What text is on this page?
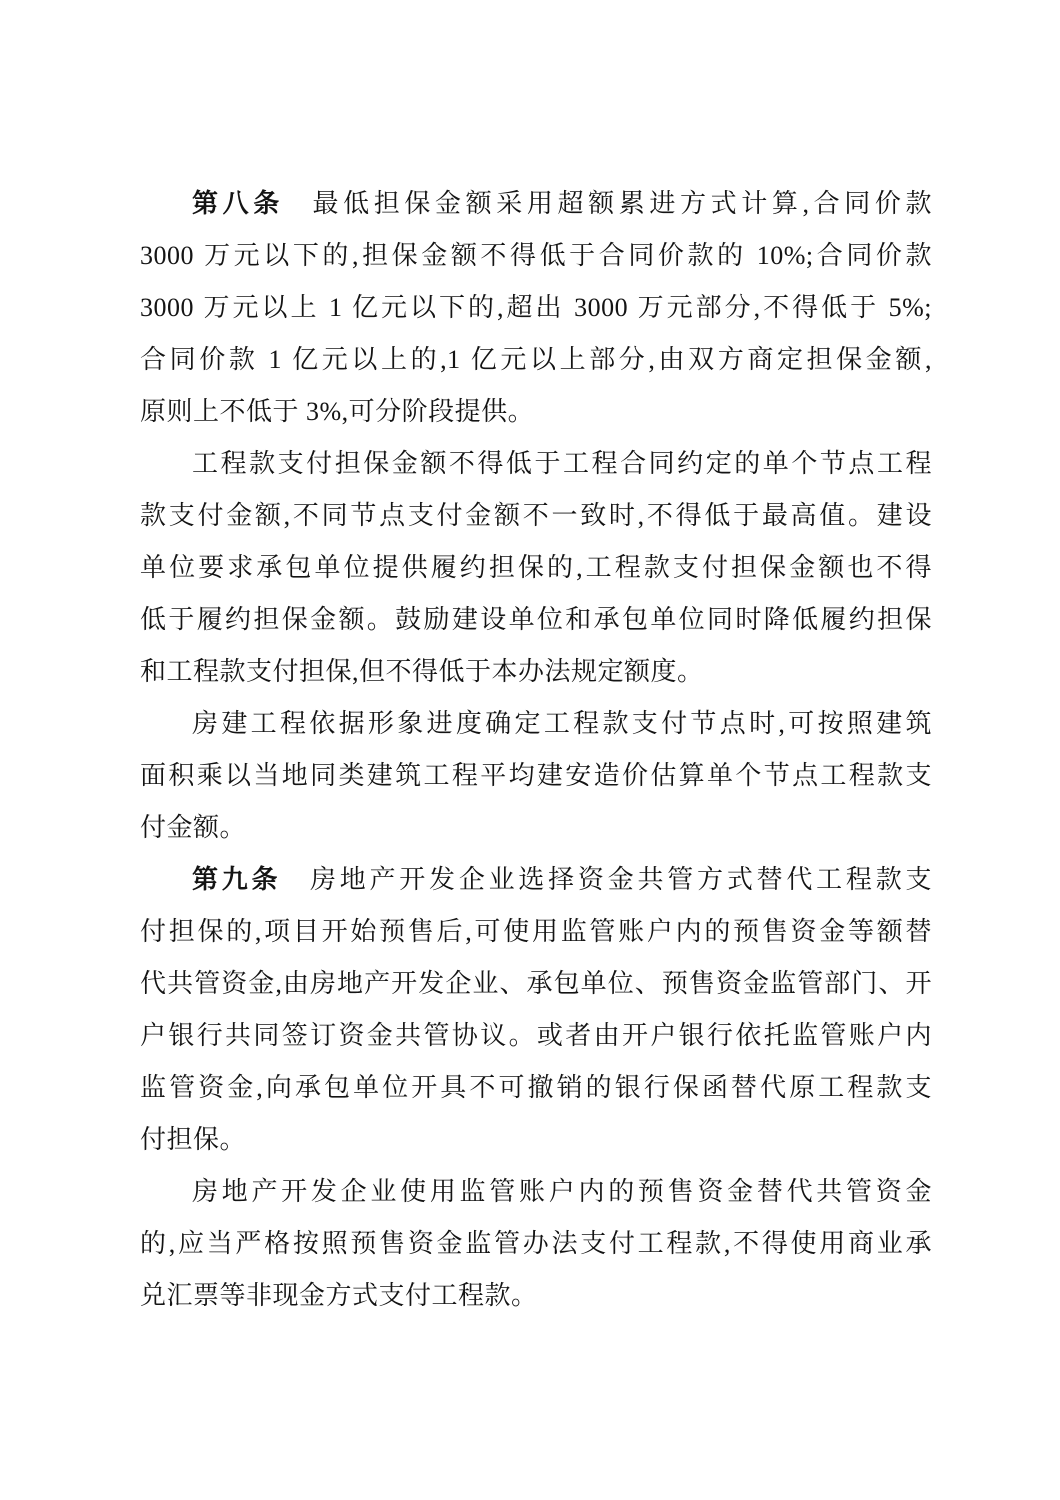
第八条 最低担保金额采用超额累进方式计算,合同价款
3000 万元以下的,担保金额不得低于合同价款的 10%;合同价款
3000 万元以上 1 亿元以下的,超出 3000 万元部分,不得低于 5%;
合同价款 1 亿元以上的,1 亿元以上部分,由双方商定担保金额,
原则上不低于 3%,可分阶段提供。
工程款支付担保金额不得低于工程合同约定的单个节点工程
款支付金额,不同节点支付金额不一致时,不得低于最高值。建设
单位要求承包单位提供履约担保的,工程款支付担保金额也不得
低于履约担保金额。鼓励建设单位和承包单位同时降低履约担保
和工程款支付担保,但不得低于本办法规定额度。
房建工程依据形象进度确定工程款支付节点时,可按照建筑
面积乘以当地同类建筑工程平均建安造价估算单个节点工程款支
付金额。
第九条 房地产开发企业选择资金共管方式替代工程款支
付担保的,项目开始预售后,可使用监管账户内的预售资金等额替
代共管资金,由房地产开发企业、承包单位、预售资金监管部门、开
户银行共同签订资金共管协议。或者由开户银行依托监管账户内
监管资金,向承包单位开具不可撤销的银行保函替代原工程款支
付担保。
房地产开发企业使用监管账户内的预售资金替代共管资金
的,应当严格按照预售资金监管办法支付工程款,不得使用商业承
兑汇票等非现金方式支付工程款。
